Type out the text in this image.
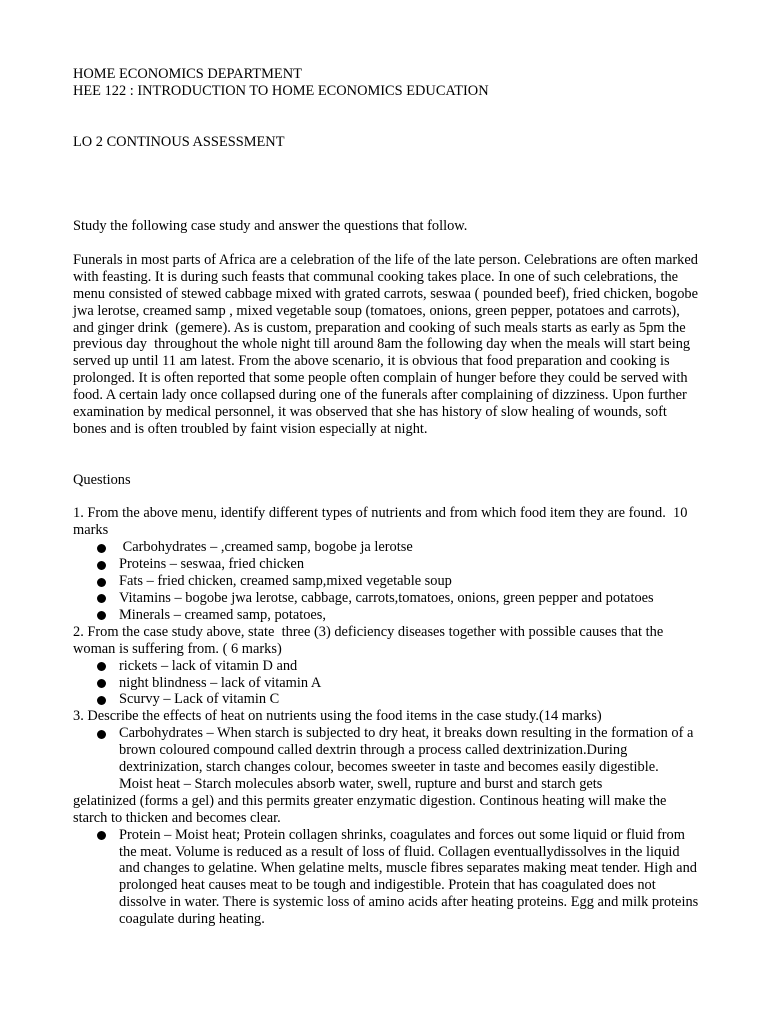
HOME ECONOMICS DEPARTMENT

HEE 122 : INTRODUCTION TO HOME ECONOMICS EDUCATION

LO 2 CONTINOUS ASSESSMENT

Study the following case study and answer the questions that follow.

Funerals in most parts of Africa are a celebration of the life of the late person. Celebrations are often marked with feasting. It is during such feasts that communal cooking takes place. In one of such celebrations, the menu consisted of stewed cabbage mixed with grated carrots, seswaa ( pounded beef), fried chicken, bogobe jwa lerotse, creamed samp , mixed vegetable soup (tomatoes, onions, green pepper, potatoes and carrots), and ginger drink  (gemere). As is custom, preparation and cooking of such meals starts as early as 5pm the previous day  throughout the whole night till around 8am the following day when the meals will start being served up until 11 am latest. From the above scenario, it is obvious that food preparation and cooking is prolonged. It is often reported that some people often complain of hunger before they could be served with food. A certain lady once collapsed during one of the funerals after complaining of dizziness. Upon further examination by medical personnel, it was observed that she has history of slow healing of wounds, soft bones and is often troubled by faint vision especially at night.

Questions

1. From the above menu, identify different types of nutrients and from which food item they are found.  10 marks

Carbohydrates – ,creamed samp, bogobe ja lerotse
Proteins – seswaa, fried chicken
Fats – fried chicken, creamed samp,mixed vegetable soup
Vitamins – bogobe jwa lerotse, cabbage, carrots,tomatoes, onions, green pepper and potatoes
Minerals – creamed samp, potatoes,

2. From the case study above, state  three (3) deficiency diseases together with possible causes that the woman is suffering from. ( 6 marks)

rickets – lack of vitamin D and
night blindness – lack of vitamin A
Scurvy – Lack of vitamin C

3. Describe the effects of heat on nutrients using the food items in the case study.(14 marks)

Carbohydrates – When starch is subjected to dry heat, it breaks down resulting in the formation of a brown coloured compound called dextrin through a process called dextrinization.During dextrinization, starch changes colour, becomes sweeter in taste and becomes easily digestible.

Moist heat – Starch molecules absorb water, swell, rupture and burst and starch gets

gelatinized (forms a gel) and this permits greater enzymatic digestion. Continous heating will make the starch to thicken and becomes clear.

Protein – Moist heat; Protein collagen shrinks, coagulates and forces out some liquid or fluid from the meat. Volume is reduced as a result of loss of fluid. Collagen eventuallydissolves in the liquid and changes to gelatine. When gelatine melts, muscle fibres separates making meat tender. High and prolonged heat causes meat to be tough and indigestible. Protein that has coagulated does not dissolve in water. There is systemic loss of amino acids after heating proteins. Egg and milk proteins coagulate during heating.
